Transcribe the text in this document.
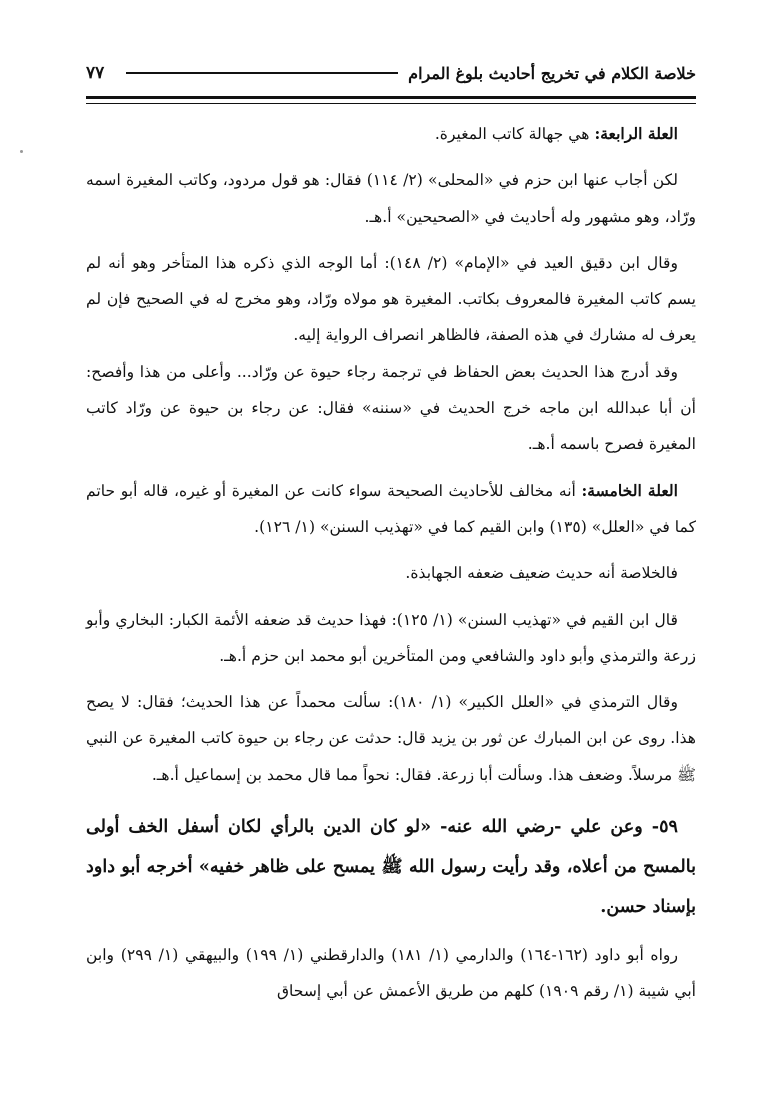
خلاصة الكلام في تخريج أحاديث بلوغ المرام
٧٧

العلة الرابعة: هي جهالة كاتب المغيرة.

لكن أجاب عنها ابن حزم في «المحلى» (٢/ ١١٤) فقال: هو قول مردود، وكاتب المغيرة اسمه ورّاد، وهو مشهور وله أحاديث في «الصحيحين» أ.هـ.

وقال ابن دقيق العيد في «الإمام» (٢/ ١٤٨): أما الوجه الذي ذكره هذا المتأخر وهو أنه لم يسم كاتب المغيرة فالمعروف بكاتب. المغيرة هو مولاه ورّاد، وهو مخرج له في الصحيح فإن لم يعرف له مشارك في هذه الصفة، فالظاهر انصراف الرواية إليه.

وقد أدرج هذا الحديث بعض الحفاظ في ترجمة رجاء حيوة عن ورّاد... وأعلى من هذا وأفصح: أن أبا عبدالله ابن ماجه خرج الحديث في «سننه» فقال: عن رجاء بن حيوة عن ورّاد كاتب المغيرة فصرح باسمه أ.هـ.

العلة الخامسة: أنه مخالف للأحاديث الصحيحة سواء كانت عن المغيرة أو غيره، قاله أبو حاتم كما في «العلل» (١٣٥) وابن القيم كما في «تهذيب السنن» (١/ ١٢٦).

فالخلاصة أنه حديث ضعيف ضعفه الجهابذة.

قال ابن القيم في «تهذيب السنن» (١/ ١٢٥): فهذا حديث قد ضعفه الأئمة الكبار: البخاري وأبو زرعة والترمذي وأبو داود والشافعي ومن المتأخرين أبو محمد ابن حزم أ.هـ.

وقال الترمذي في «العلل الكبير» (١/ ١٨٠): سألت محمداً عن هذا الحديث؛ فقال: لا يصح هذا. روى عن ابن المبارك عن ثور بن يزيد قال: حدثت عن رجاء بن حيوة كاتب المغيرة عن النبي ﷺ مرسلاً. وضعف هذا. وسألت أبا زرعة. فقال: نحواً مما قال محمد بن إسماعيل أ.هـ.

٥٩- وعن علي -رضي الله عنه- «لو كان الدين بالرأي لكان أسفل الخف أولى بالمسح من أعلاه، وقد رأيت رسول الله ﷺ يمسح على ظاهر خفيه» أخرجه أبو داود بإسناد حسن.

رواه أبو داود (١٦٢-١٦٤) والدارمي (١/ ١٨١) والدارقطني (١/ ١٩٩) والبيهقي (١/ ٢٩٩) وابن أبي شيبة (١/ رقم ١٩٠٩) كلهم من طريق الأعمش عن أبي إسحاق
